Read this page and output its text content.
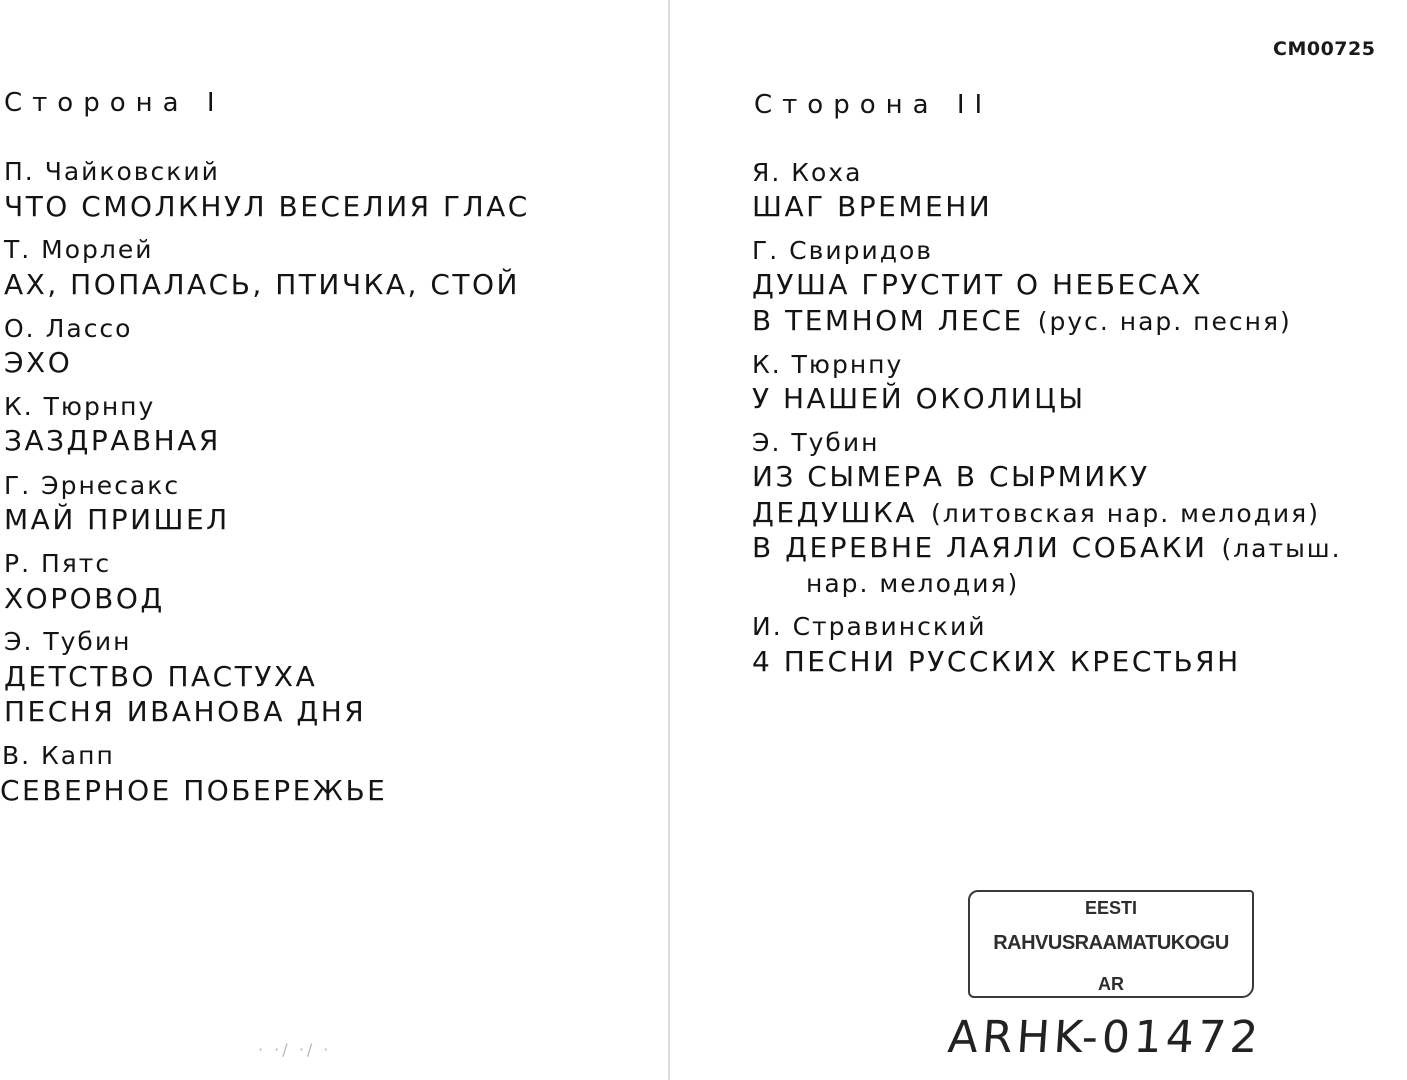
СМ00725
Сторона I
П. Чайковский
ЧТО СМОЛКНУЛ ВЕСЕЛИЯ ГЛАС
Т. Морлей
АХ, ПОПАЛАСЬ, ПТИЧКА, СТОЙ
О. Лассо
ЭХО
К. Тюрнпу
ЗАЗДРАВНАЯ
Г. Эрнесакс
МАЙ ПРИШЕЛ
Р. Пятс
ХОРОВОД
Э. Тубин
ДЕТСТВО ПАСТУХА
ПЕСНЯ ИВАНОВА ДНЯ
В. Капп
СЕВЕРНОЕ ПОБЕРЕЖЬЕ
Сторона II
Я. Коха
ШАГ ВРЕМЕНИ
Г. Свиридов
ДУША ГРУСТИТ О НЕБЕСАХ
В ТЕМНОМ ЛЕСЕ (рус. нар. песня)
К. Тюрнпу
У НАШЕЙ ОКОЛИЦЫ
Э. Тубин
ИЗ СЫМЕРА В СЫРМИКУ
ДЕДУШКА (литовская нар. мелодия)
В ДЕРЕВНЕ ЛАЯЛИ СОБАКИ (латыш.
нар. мелодия)
И. Стравинский
4 ПЕСНИ РУССКИХ КРЕСТЬЯН
EESTI
RAHVUSRAAMATUKOGU
AR
ARHK-01472
· ·/ ·/ ·
